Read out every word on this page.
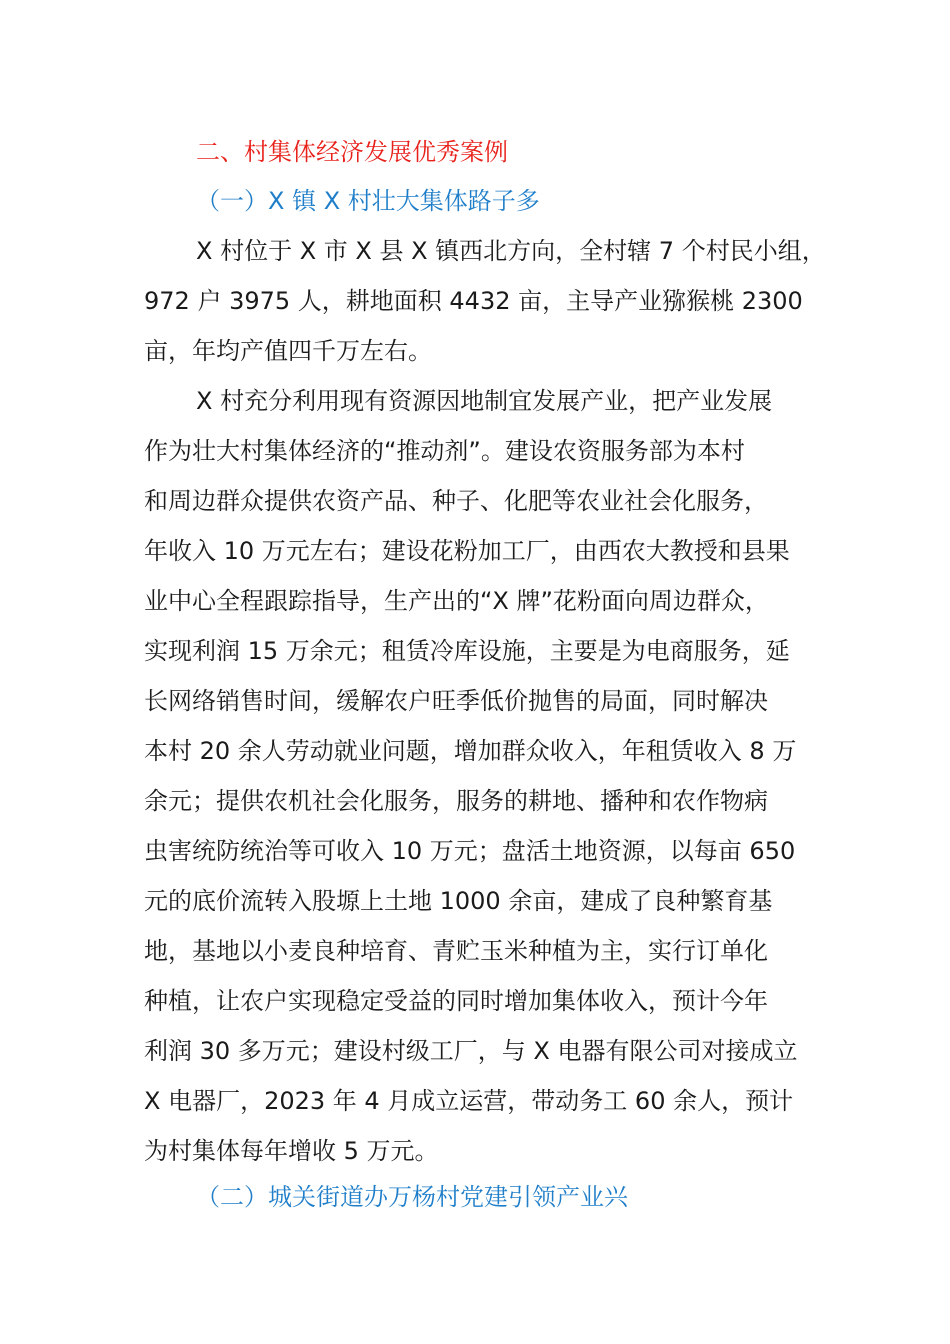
二、村集体经济发展优秀案例
（一）X 镇 X 村壮大集体路子多
X 村位于 X 市 X 县 X 镇西北方向，全村辖 7 个村民小组，
972 户 3975 人，耕地面积 4432 亩，主导产业猕猴桃 2300
亩，年均产值四千万左右。
X 村充分利用现有资源因地制宜发展产业，把产业发展
作为壮大村集体经济的“推动剂”。建设农资服务部为本村
和周边群众提供农资产品、种子、化肥等农业社会化服务，
年收入 10 万元左右；建设花粉加工厂，由西农大教授和县果
业中心全程跟踪指导，生产出的“X 牌”花粉面向周边群众，
实现利润 15 万余元；租赁冷库设施，主要是为电商服务，延
长网络销售时间，缓解农户旺季低价抛售的局面，同时解决
本村 20 余人劳动就业问题，增加群众收入，年租赁收入 8 万
余元；提供农机社会化服务，服务的耕地、播种和农作物病
虫害统防统治等可收入 10 万元；盘活土地资源，以每亩 650
元的底价流转入股塬上土地 1000 余亩，建成了良种繁育基
地，基地以小麦良种培育、青贮玉米种植为主，实行订单化
种植，让农户实现稳定受益的同时增加集体收入，预计今年
利润 30 多万元；建设村级工厂，与 X 电器有限公司对接成立
X 电器厂，2023 年 4 月成立运营，带动务工 60 余人，预计
为村集体每年增收 5 万元。
（二）城关街道办万杨村党建引领产业兴
